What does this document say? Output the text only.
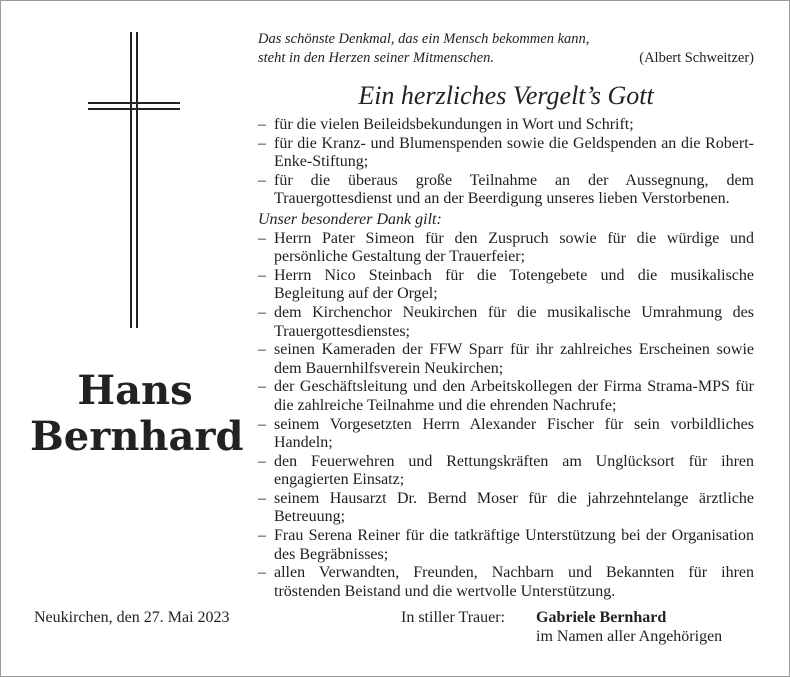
Hans
Bernhard
Das schönste Denkmal, das ein Mensch bekommen kann,
steht in den Herzen seiner Mitmenschen.	(Albert Schweitzer)
Ein herzliches Vergelt’s Gott
– für die vielen Beileidsbekundungen in Wort und Schrift;
– für die Kranz- und Blumenspenden sowie die Geldspenden an die Robert-Enke-Stiftung;
– für die überaus große Teilnahme an der Aussegnung, dem Trauergottesdienst und an der Beerdigung unseres lieben Verstorbenen.
Unser besonderer Dank gilt:
– Herrn Pater Simeon für den Zuspruch sowie für die würdige und persönliche Gestaltung der Trauerfeier;
– Herrn Nico Steinbach für die Totengebete und die musikalische Begleitung auf der Orgel;
– dem Kirchenchor Neukirchen für die musikalische Umrahmung des Trauergottesdienstes;
– seinen Kameraden der FFW Sparr für ihr zahlreiches Erscheinen sowie dem Bauernhilfsverein Neukirchen;
– der Geschäftsleitung und den Arbeitskollegen der Firma Strama-MPS für die zahlreiche Teilnahme und die ehrenden Nachrufe;
– seinem Vorgesetzten Herrn Alexander Fischer für sein vorbildliches Handeln;
– den Feuerwehren und Rettungskräften am Unglücksort für ihren engagierten Einsatz;
– seinem Hausarzt Dr. Bernd Moser für die jahrzehntelange ärztliche Betreuung;
– Frau Serena Reiner für die tatkräftige Unterstützung bei der Organisation des Begräbnisses;
– allen Verwandten, Freunden, Nachbarn und Bekannten für ihren tröstenden Beistand und die wertvolle Unterstützung.
Neukirchen, den 27. Mai 2023	In stiller Trauer: Gabriele Bernhard
im Namen aller Angehörigen
